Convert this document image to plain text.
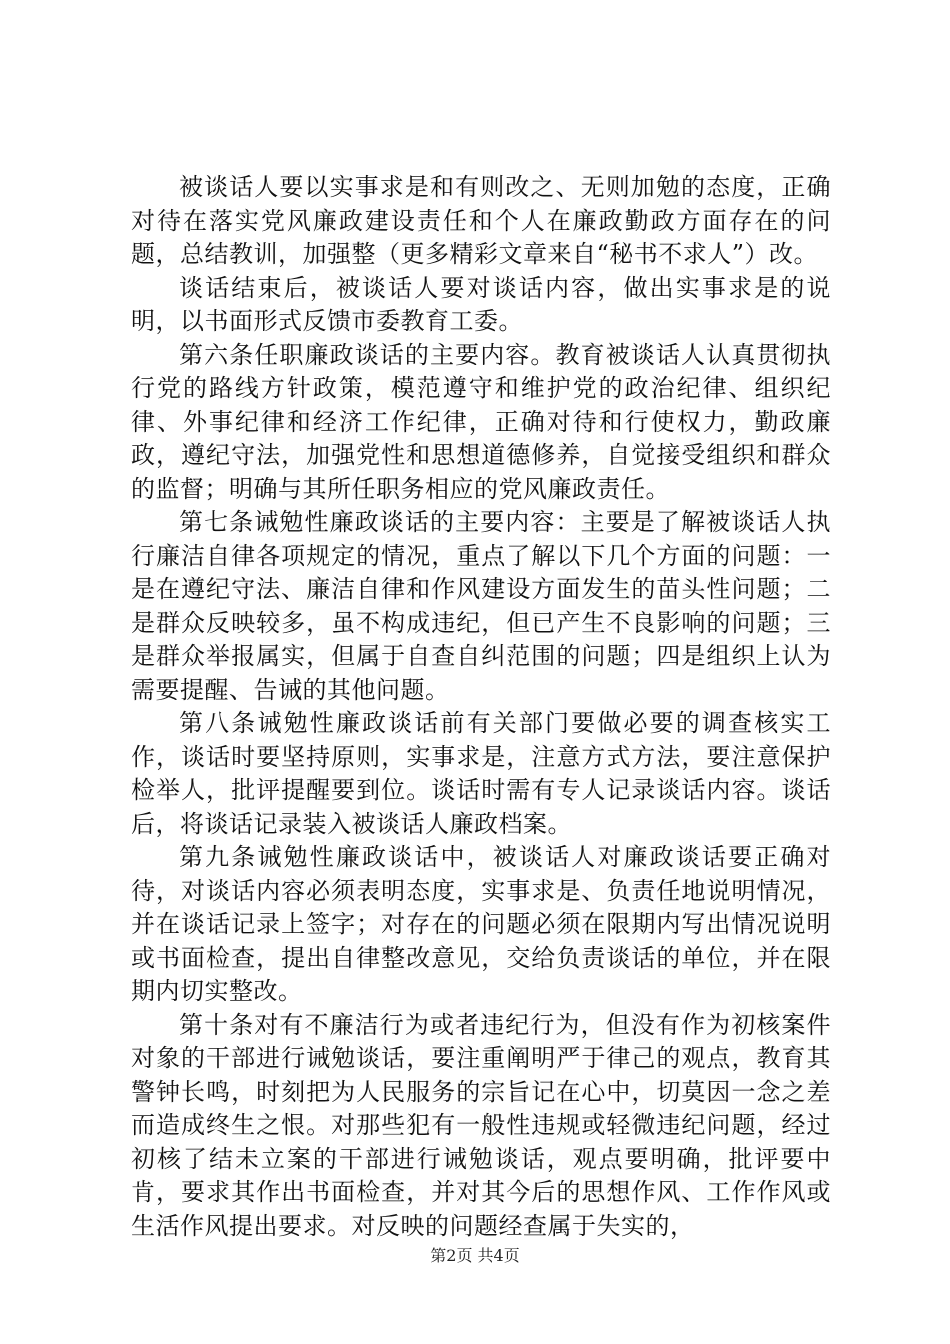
被谈话人要以实事求是和有则改之、无则加勉的态度，正确对待在落实党风廉政建设责任和个人在廉政勤政方面存在的问题，总结教训，加强整（更多精彩文章来自“秘书不求人”）改。

谈话结束后，被谈话人要对谈话内容，做出实事求是的说明，以书面形式反馈市委教育工委。

第六条任职廉政谈话的主要内容。教育被谈话人认真贯彻执行党的路线方针政策，模范遵守和维护党的政治纪律、组织纪律、外事纪律和经济工作纪律，正确对待和行使权力，勤政廉政，遵纪守法，加强党性和思想道德修养，自觉接受组织和群众的监督；明确与其所任职务相应的党风廉政责任。

第七条诫勉性廉政谈话的主要内容：主要是了解被谈话人执行廉洁自律各项规定的情况，重点了解以下几个方面的问题：一是在遵纪守法、廉洁自律和作风建设方面发生的苗头性问题；二是群众反映较多，虽不构成违纪，但已产生不良影响的问题；三是群众举报属实，但属于自查自纠范围的问题；四是组织上认为需要提醒、告诫的其他问题。

第八条诫勉性廉政谈话前有关部门要做必要的调查核实工作，谈话时要坚持原则，实事求是，注意方式方法，要注意保护检举人，批评提醒要到位。谈话时需有专人记录谈话内容。谈话后，将谈话记录装入被谈话人廉政档案。

第九条诫勉性廉政谈话中，被谈话人对廉政谈话要正确对待，对谈话内容必须表明态度，实事求是、负责任地说明情况，并在谈话记录上签字；对存在的问题必须在限期内写出情况说明或书面检查，提出自律整改意见，交给负责谈话的单位，并在限期内切实整改。

第十条对有不廉洁行为或者违纪行为，但没有作为初核案件对象的干部进行诫勉谈话，要注重阐明严于律己的观点，教育其警钟长鸣，时刻把为人民服务的宗旨记在心中，切莫因一念之差而造成终生之恨。对那些犯有一般性违规或轻微违纪问题，经过初核了结未立案的干部进行诫勉谈话，观点要明确，批评要中肯，要求其作出书面检查，并对其今后的思想作风、工作作风或生活作风提出要求。对反映的问题经查属于失实的，

第2页 共4页
